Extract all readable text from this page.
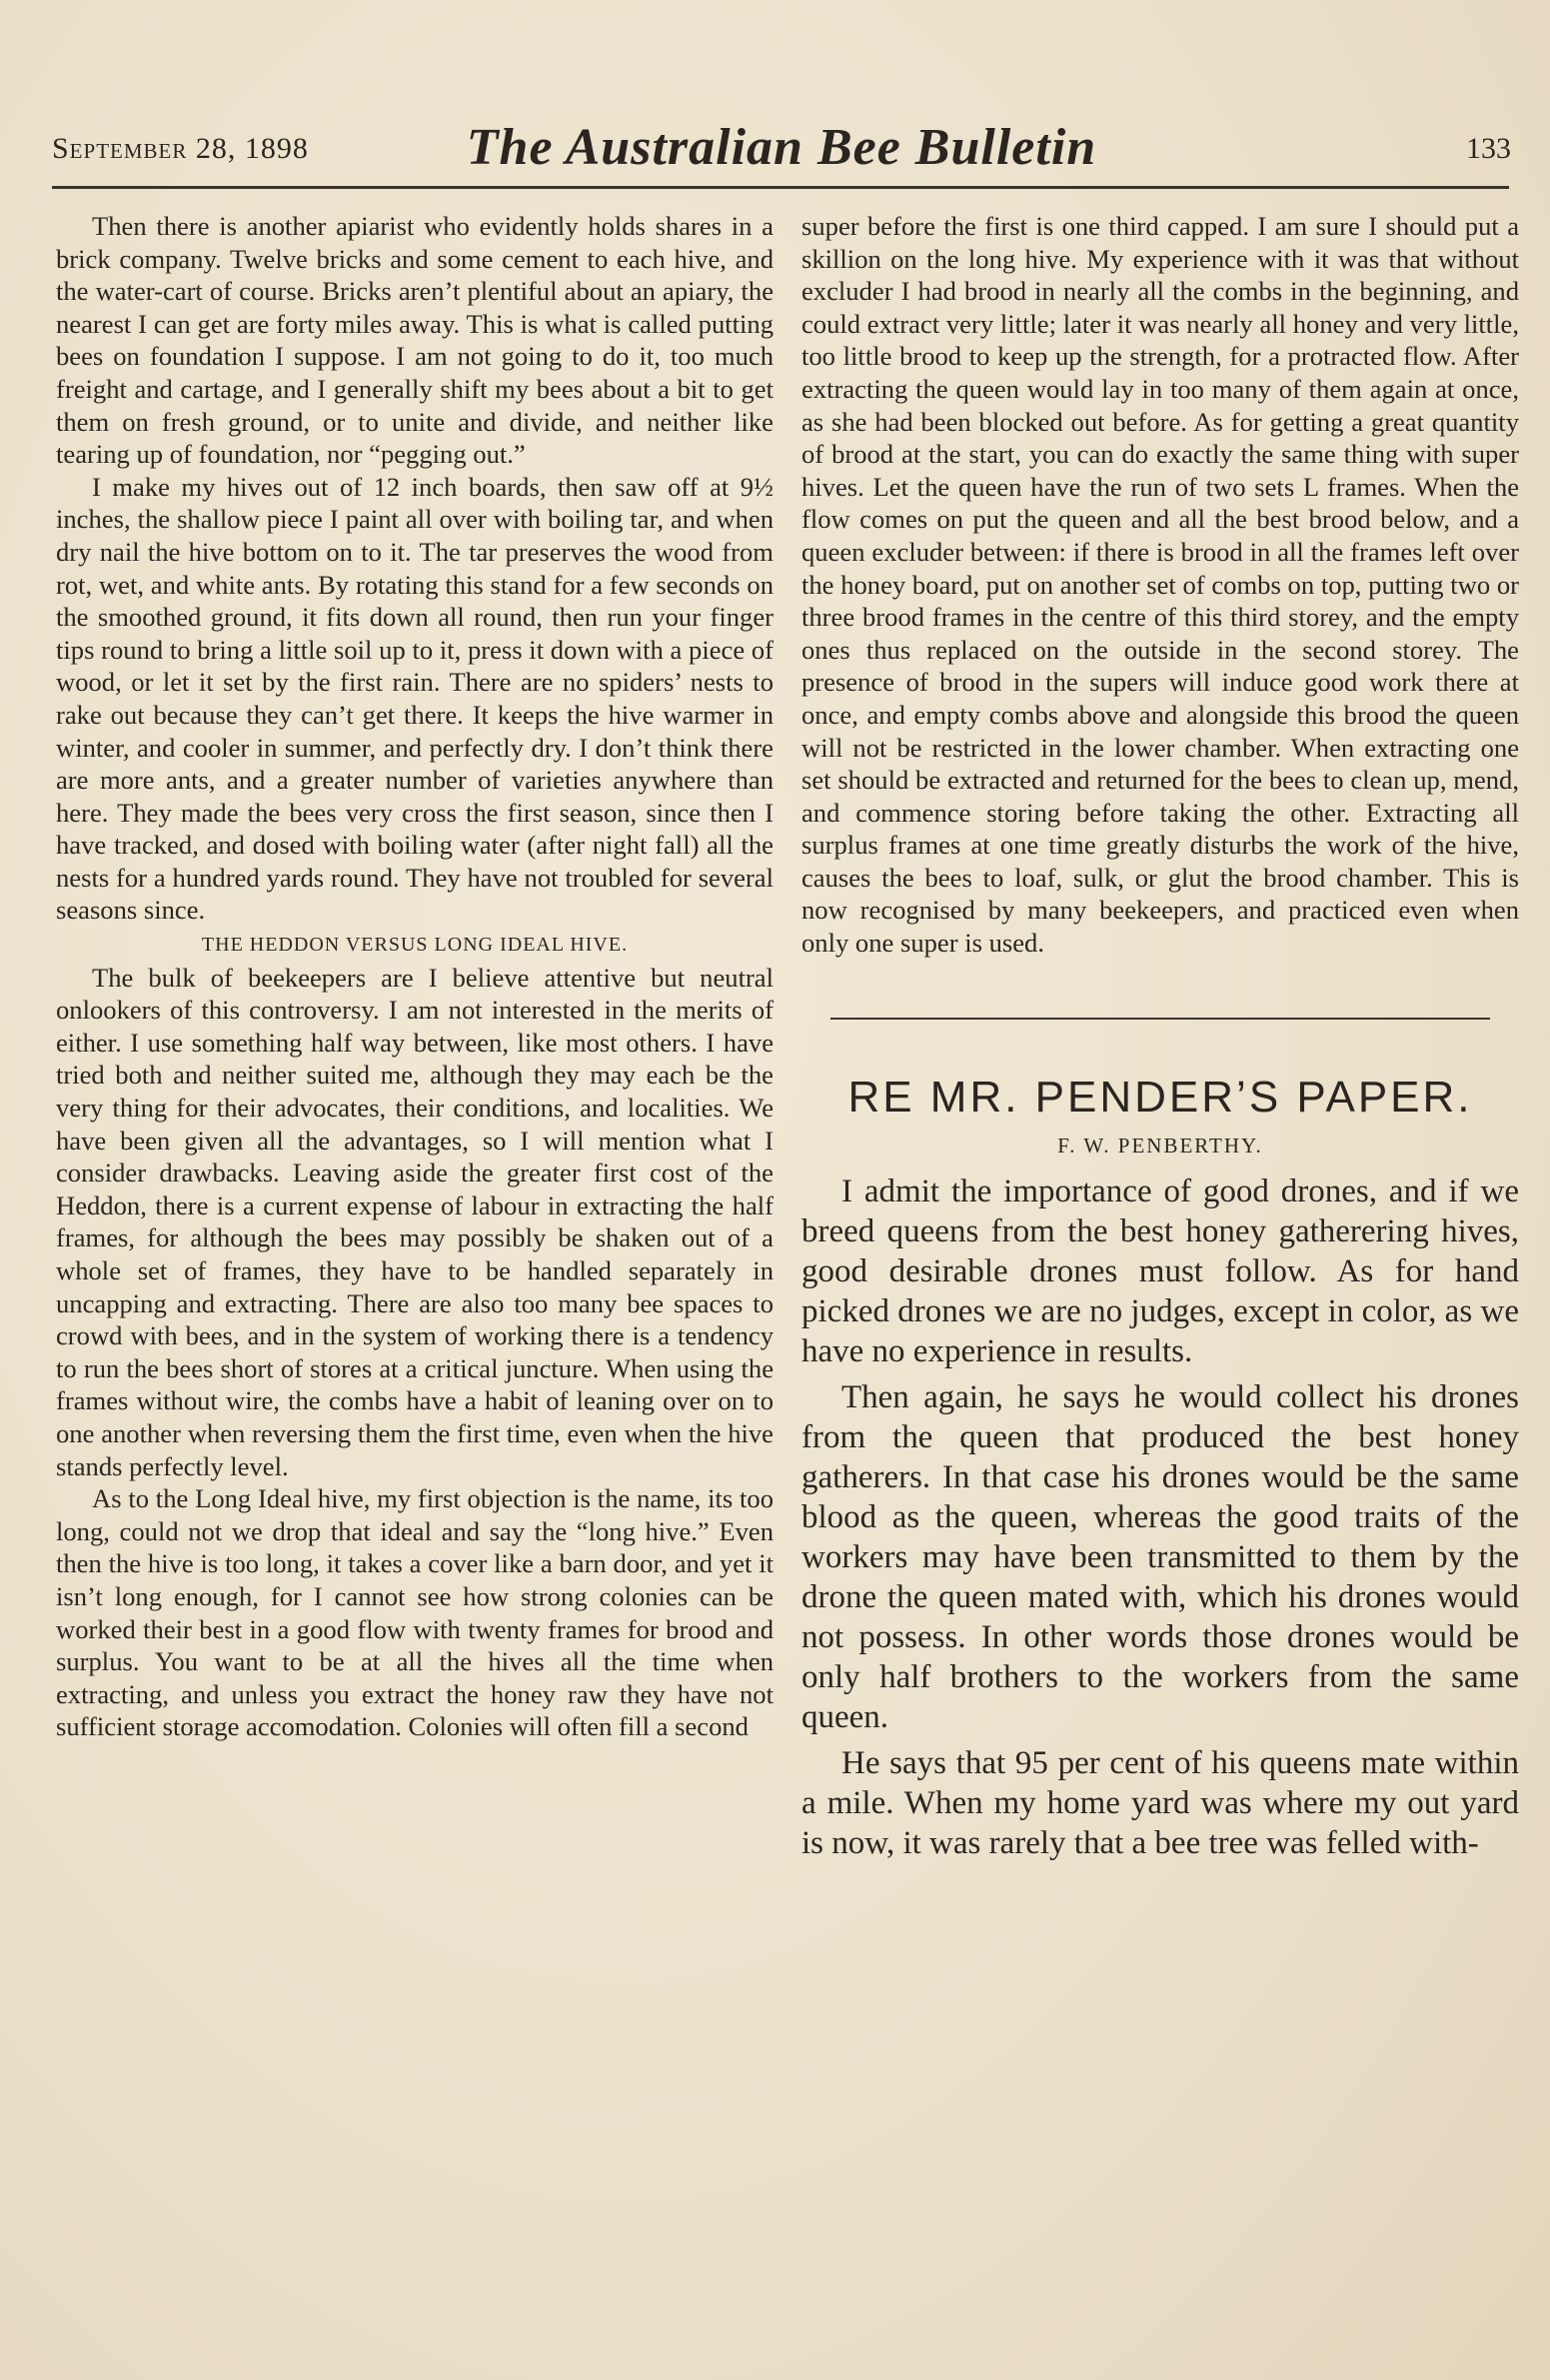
September 28, 1898	The Australian Bee Bulletin	133

Then there is another apiarist who evidently holds shares in a brick company. Twelve bricks and some cement to each hive, and the water-cart of course. Bricks aren’t plentiful about an apiary, the nearest I can get are forty miles away. This is what is called putting bees on foundation I suppose. I am not going to do it, too much freight and cartage, and I generally shift my bees about a bit to get them on fresh ground, or to unite and divide, and neither like tearing up of foundation, nor “pegging out.”

I make my hives out of 12 inch boards, then saw off at 9½ inches, the shallow piece I paint all over with boiling tar, and when dry nail the hive bottom on to it. The tar preserves the wood from rot, wet, and white ants. By rotating this stand for a few seconds on the smoothed ground, it fits down all round, then run your finger tips round to bring a little soil up to it, press it down with a piece of wood, or let it set by the first rain. There are no spiders’ nests to rake out because they can’t get there. It keeps the hive warmer in winter, and cooler in summer, and perfectly dry. I don’t think there are more ants, and a greater number of varieties anywhere than here. They made the bees very cross the first season, since then I have tracked, and dosed with boiling water (after night fall) all the nests for a hundred yards round. They have not troubled for several seasons since.

THE HEDDON VERSUS LONG IDEAL HIVE.

The bulk of beekeepers are I believe attentive but neutral onlookers of this controversy. I am not interested in the merits of either. I use something half way between, like most others. I have tried both and neither suited me, although they may each be the very thing for their advocates, their conditions, and localities. We have been given all the advantages, so I will mention what I consider drawbacks. Leaving aside the greater first cost of the Heddon, there is a current expense of labour in extracting the half frames, for although the bees may possibly be shaken out of a whole set of frames, they have to be handled separately in uncapping and extracting. There are also too many bee spaces to crowd with bees, and in the system of working there is a tendency to run the bees short of stores at a critical juncture. When using the frames without wire, the combs have a habit of leaning over on to one another when reversing them the first time, even when the hive stands perfectly level.

As to the Long Ideal hive, my first objection is the name, its too long, could not we drop that ideal and say the “long hive.” Even then the hive is too long, it takes a cover like a barn door, and yet it isn’t long enough, for I cannot see how strong colonies can be worked their best in a good flow with twenty frames for brood and surplus. You want to be at all the hives all the time when extracting, and unless you extract the honey raw they have not sufficient storage accomodation. Colonies will often fill a second

super before the first is one third capped. I am sure I should put a skillion on the long hive. My experience with it was that without excluder I had brood in nearly all the combs in the beginning, and could extract very little; later it was nearly all honey and very little, too little brood to keep up the strength, for a protracted flow. After extracting the queen would lay in too many of them again at once, as she had been blocked out before. As for getting a great quantity of brood at the start, you can do exactly the same thing with super hives. Let the queen have the run of two sets L frames. When the flow comes on put the queen and all the best brood below, and a queen excluder between: if there is brood in all the frames left over the honey board, put on another set of combs on top, putting two or three brood frames in the centre of this third storey, and the empty ones thus replaced on the outside in the second storey. The presence of brood in the supers will induce good work there at once, and empty combs above and alongside this brood the queen will not be restricted in the lower chamber. When extracting one set should be extracted and returned for the bees to clean up, mend, and commence storing before taking the other. Extracting all surplus frames at one time greatly disturbs the work of the hive, causes the bees to loaf, sulk, or glut the brood chamber. This is now recognised by many beekeepers, and practiced even when only one super is used.

RE MR. PENDER’S PAPER.
F. W. PENBERTHY.

I admit the importance of good drones, and if we breed queens from the best honey gatherering hives, good desirable drones must follow. As for hand picked drones we are no judges, except in color, as we have no experience in results.

Then again, he says he would collect his drones from the queen that produced the best honey gatherers. In that case his drones would be the same blood as the queen, whereas the good traits of the workers may have been transmitted to them by the drone the queen mated with, which his drones would not possess. In other words those drones would be only half brothers to the workers from the same queen.

He says that 95 per cent of his queens mate within a mile. When my home yard was where my out yard is now, it was rarely that a bee tree was felled with-
